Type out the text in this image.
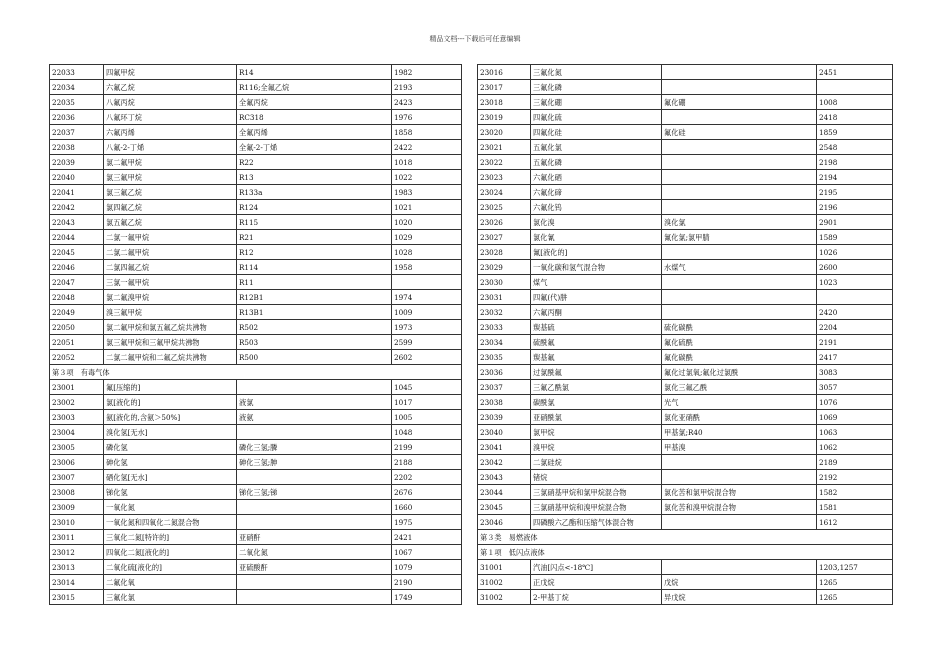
精品文档---下载后可任意编辑
22033	四氟甲烷	R14	1982
22034	六氟乙烷	R116;全氟乙烷	2193
22035	八氟丙烷	全氟丙烷	2423
22036	八氟环丁烷	RC318	1976
22037	六氟丙烯	全氟丙烯	1858
22038	八氟-2-丁烯	全氟-2-丁烯	2422
22039	氯二氟甲烷	R22	1018
22040	氯三氟甲烷	R13	1022
22041	氯三氟乙烷	R133a	1983
22042	氯四氟乙烷	R124	1021
22043	氯五氟乙烷	R115	1020
22044	二氯一氟甲烷	R21	1029
22045	二氯二氟甲烷	R12	1028
22046	二氯四氟乙烷	R114	1958
22047	三氯一氟甲烷	R11	
22048	氯二氟溴甲烷	R12B1	1974
22049	溴三氟甲烷	R13B1	1009
22050	氯二氟甲烷和氯五氟乙烷共沸物	R502	1973
22051	氯三氟甲烷和三氟甲烷共沸物	R503	2599
22052	二氯二氟甲烷和二氟乙烷共沸物	R500	2602
第３项　有毒气体			
23001	氟[压缩的]		1045
23002	氯[液化的]	液氯	1017
23003	氨[液化的,含氨＞50%]	液氨	1005
23004	溴化氢[无水]		1048
23005	磷化氢	磷化三氢;膦	2199
23006	砷化氢	砷化三氢;胂	2188
23007	硒化氢[无水]		2202
23008	锑化氢	锑化三氢;锑	2676
23009	一氧化氮		1660
23010	一氧化氮和四氧化二氮混合物		1975
23011	三氧化二氮[特许的]	亚硝酐	2421
23012	四氧化二氮[液化的]	二氧化氮	1067
23013	二氧化硫[液化的]	亚硫酸酐	1079
23014	二氟化氧		2190
23015	三氟化氯		1749
23016	三氟化氮		2451
23017	三氟化磷		
23018	三氟化硼	氟化硼	1008
23019	四氟化硫		2418
23020	四氟化硅	氟化硅	1859
23021	五氟化氯		2548
23022	五氟化磷		2198
23023	六氟化硒		2194
23024	六氟化碲		2195
23025	六氟化钨		2196
23026	氯化溴	溴化氯	2901
23027	氯化氰	氰化氯;氯甲腈	1589
23028	氰[液化的]		1026
23029	一氧化碳和氢气混合物	水煤气	2600
23030	煤气		1023
23031	四氟(代)肼		
23032	六氟丙酮		2420
23033	羰基硫	硫化碳酰	2204
23034	硫酰氟	氟化硫酰	2191
23035	羰基氟	氟化碳酰	2417
23036	过氯酰氟	氟化过氯氧;氟化过氯酰	3083
23037	三氟乙酰氯	氯化三氟乙酰	3057
23038	碳酰氯	光气	1076
23039	亚硝酰氯	氯化亚硝酰	1069
23040	氯甲烷	甲基氯;R40	1063
23041	溴甲烷	甲基溴	1062
23042	二氯硅烷		2189
23043	锗烷		2192
23044	三氯硝基甲烷和氯甲烷混合物	氯化苦和氯甲烷混合物	1582
23045	三氯硝基甲烷和溴甲烷混合物	氯化苦和溴甲烷混合物	1581
23046	四磷酸六乙酯和压缩气体混合物		1612
第３类　易燃液体			
第１项　低闪点液体			
31001	汽油[闪点<-18℃]		1203,1257
31002	正戊烷	戊烷	1265
31002	2-甲基丁烷	异戊烷	1265
